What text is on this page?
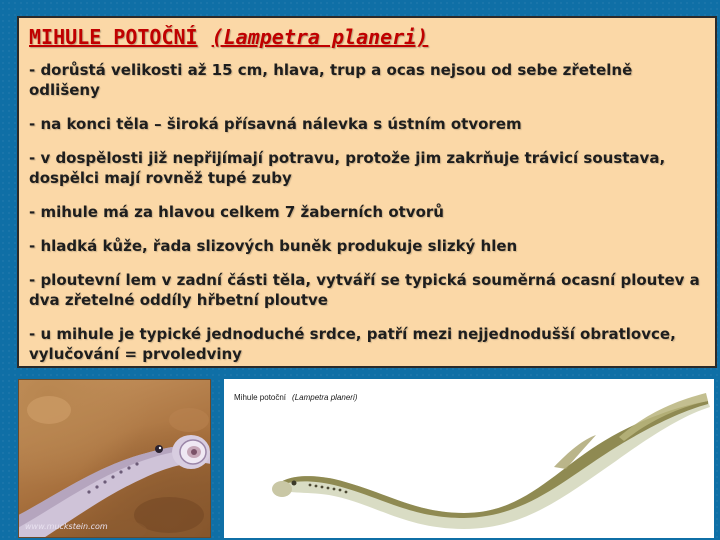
MIHULE POTOČNÍ (Lampetra planeri)
- dorůstá velikosti až 15 cm, hlava, trup a ocas nejsou od sebe zřetelně odlišeny
- na konci těla – široká přísavná nálevka s ústním otvorem
- v dospělosti již nepřijímají potravu, protože jim zakrňuje trávicí soustava, dospělci mají rovněž tupé zuby
- mihule má za hlavou celkem 7 žaberních otvorů
- hladká kůže, řada slizových buněk produkuje slizký hlen
- ploutevní lem v zadní části těla, vytváří se typická souměrná ocasní ploutev a dva zřetelné oddíly hřbetní ploutve
- u mihule je typické jednoduché srdce, patří mezi nejjednodušší obratlovce, vylučování = prvoledviny
www.muckstein.com
Mihule potoční (Lampetra planeri)
